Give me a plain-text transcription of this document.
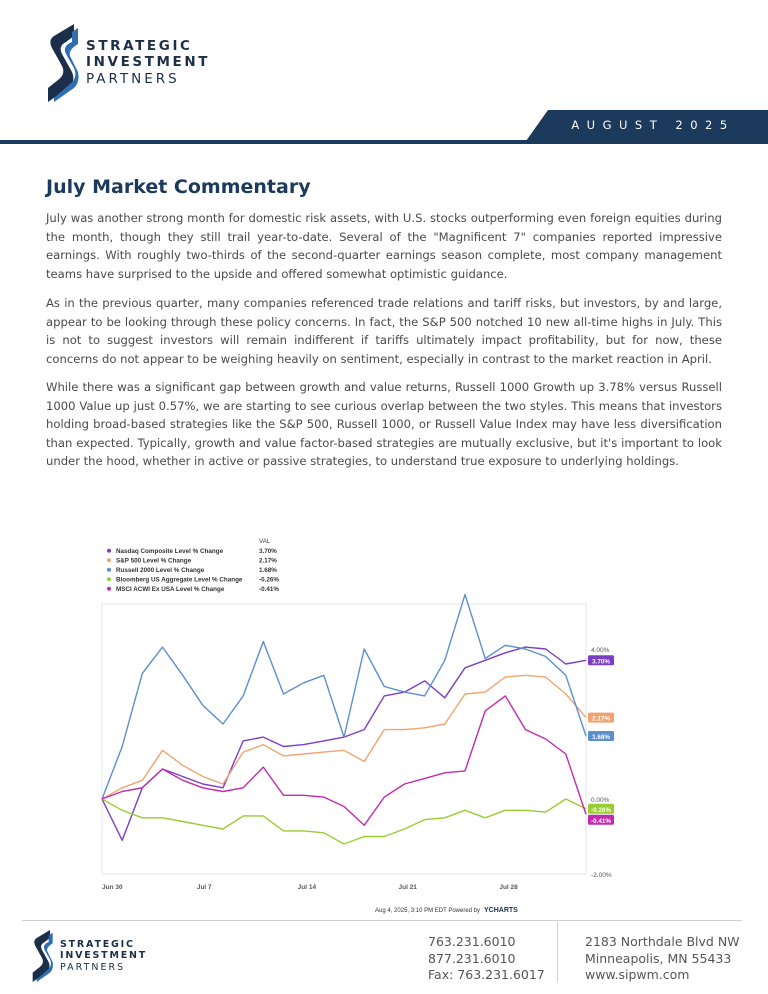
STRATEGIC
INVESTMENT
PARTNERS
AUGUST 2025
July Market Commentary

July was another strong month for domestic risk assets, with U.S. stocks outperforming even foreign equities during the month, though they still trail year-to-date. Several of the "Magnificent 7" companies reported impressive earnings. With roughly two-thirds of the second-quarter earnings season complete, most company management teams have surprised to the upside and offered somewhat optimistic guidance.

As in the previous quarter, many companies referenced trade relations and tariff risks, but investors, by and large, appear to be looking through these policy concerns. In fact, the S&P 500 notched 10 new all-time highs in July. This is not to suggest investors will remain indifferent if tariffs ultimately impact profitability, but for now, these concerns do not appear to be weighing heavily on sentiment, especially in contrast to the market reaction in April.

While there was a significant gap between growth and value returns, Russell 1000 Growth up 3.78% versus Russell 1000 Value up just 0.57%, we are starting to see curious overlap between the two styles. This means that investors holding broad-based strategies like the S&P 500, Russell 1000, or Russell Value Index may have less diversification than expected. Typically, growth and value factor-based strategies are mutually exclusive, but it's important to look under the hood, whether in active or passive strategies, to understand true exposure to underlying holdings.

4.00%
0.00%
-2.00%
Jun 30	Jul 7	Jul 14	Jul 21	Jul 28
3.70%
2.17%
1.68%
-0.26%
-0.41%
VAL
Nasdaq Composite Level % Change	3.70%
S&P 500 Level % Change	2.17%
Russell 2000 Level % Change	1.68%
Bloomberg US Aggregate Level % Change	-0.26%
MSCI ACWI Ex USA Level % Change	-0.41%
Aug 4, 2025, 3:10 PM EDT Powered by YCHARTS
STRATEGIC
INVESTMENT
PARTNERS
763.231.6010
877.231.6010
Fax: 763.231.6017
2183 Northdale Blvd NW
Minneapolis, MN 55433
www.sipwm.com
